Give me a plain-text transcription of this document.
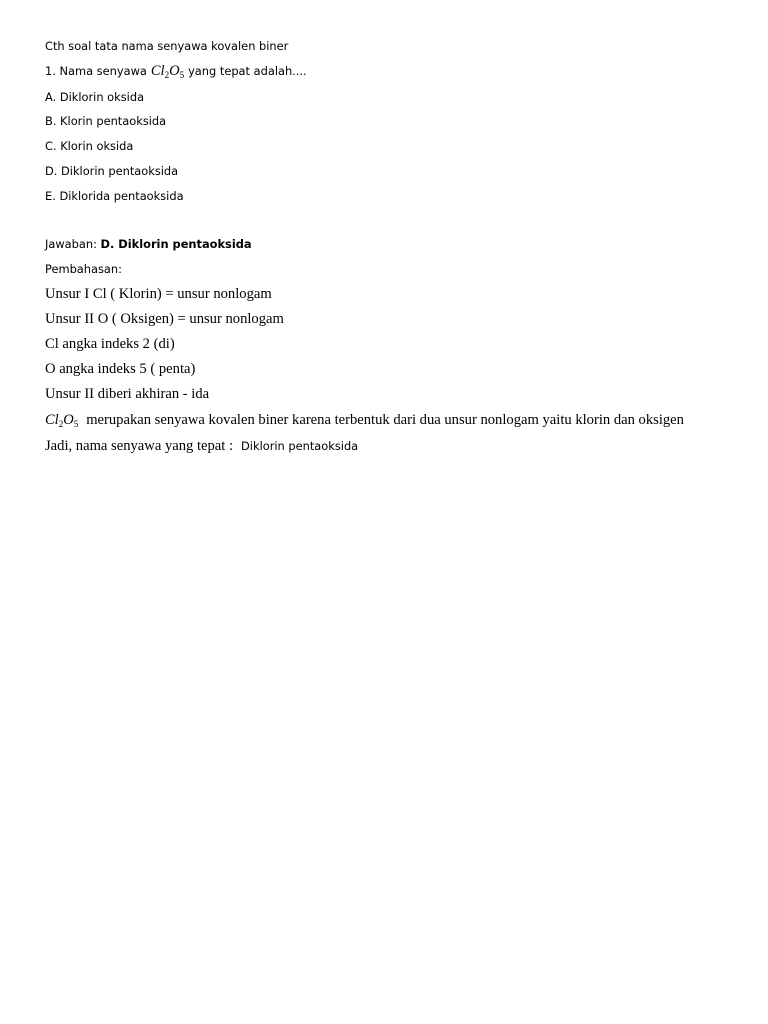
Cth soal tata nama senyawa kovalen biner
1. Nama senyawa $Cl_2O_5$ yang tepat adalah....
A. Diklorin oksida
B. Klorin pentaoksida
C. Klorin oksida
D. Diklorin pentaoksida
E. Diklorida pentaoksida
Jawaban: D. Diklorin pentaoksida
Pembahasan:
Unsur I Cl ( Klorin) = unsur nonlogam
Unsur II O ( Oksigen) = unsur nonlogam
Cl angka indeks 2 (di)
O angka indeks 5 ( penta)
Unsur II diberi akhiran - ida
$Cl_2O_5$ merupakan senyawa kovalen biner karena terbentuk dari dua unsur nonlogam yaitu klorin dan oksigen
Jadi, nama senyawa yang tepat : Diklorin pentaoksida
